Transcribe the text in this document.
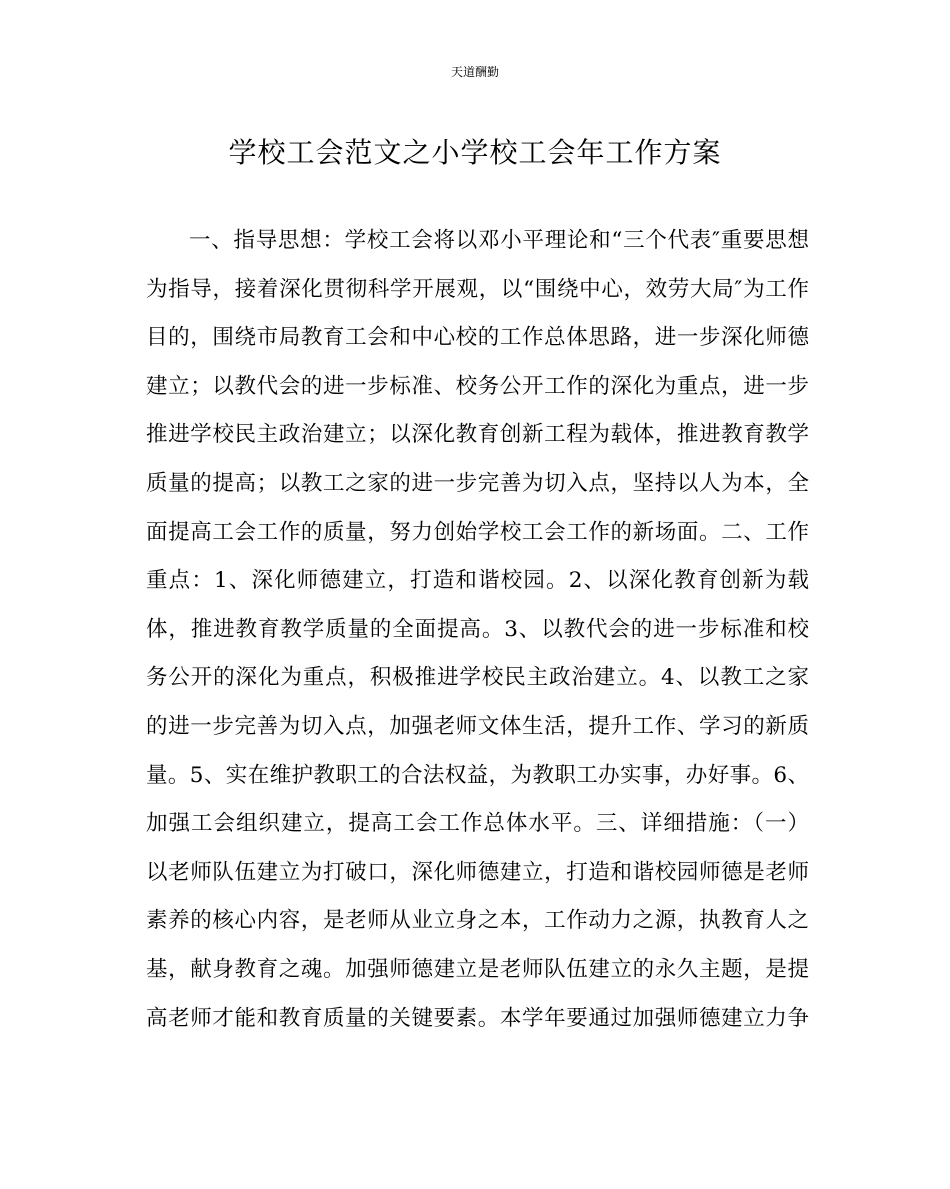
天道酬勤
学校工会范文之小学校工会年工作方案
一、指导思想：学校工会将以邓小平理论和“三个代表″重要思想
为指导，接着深化贯彻科学开展观，以“围绕中心，效劳大局″为工作
目的，围绕市局教育工会和中心校的工作总体思路，进一步深化师德
建立；以教代会的进一步标准、校务公开工作的深化为重点，进一步
推进学校民主政治建立；以深化教育创新工程为载体，推进教育教学
质量的提高；以教工之家的进一步完善为切入点，坚持以人为本，全
面提高工会工作的质量，努力创始学校工会工作的新场面。二、工作
重点：1、深化师德建立，打造和谐校园。2、以深化教育创新为载
体，推进教育教学质量的全面提高。3、以教代会的进一步标准和校
务公开的深化为重点，积极推进学校民主政治建立。4、以教工之家
的进一步完善为切入点，加强老师文体生活，提升工作、学习的新质
量。5、实在维护教职工的合法权益，为教职工办实事，办好事。6、
加强工会组织建立，提高工会工作总体水平。三、详细措施：（一）
以老师队伍建立为打破口，深化师德建立，打造和谐校园师德是老师
素养的核心内容，是老师从业立身之本，工作动力之源，执教育人之
基，献身教育之魂。加强师德建立是老师队伍建立的永久主题，是提
高老师才能和教育质量的关键要素。本学年要通过加强师德建立力争
